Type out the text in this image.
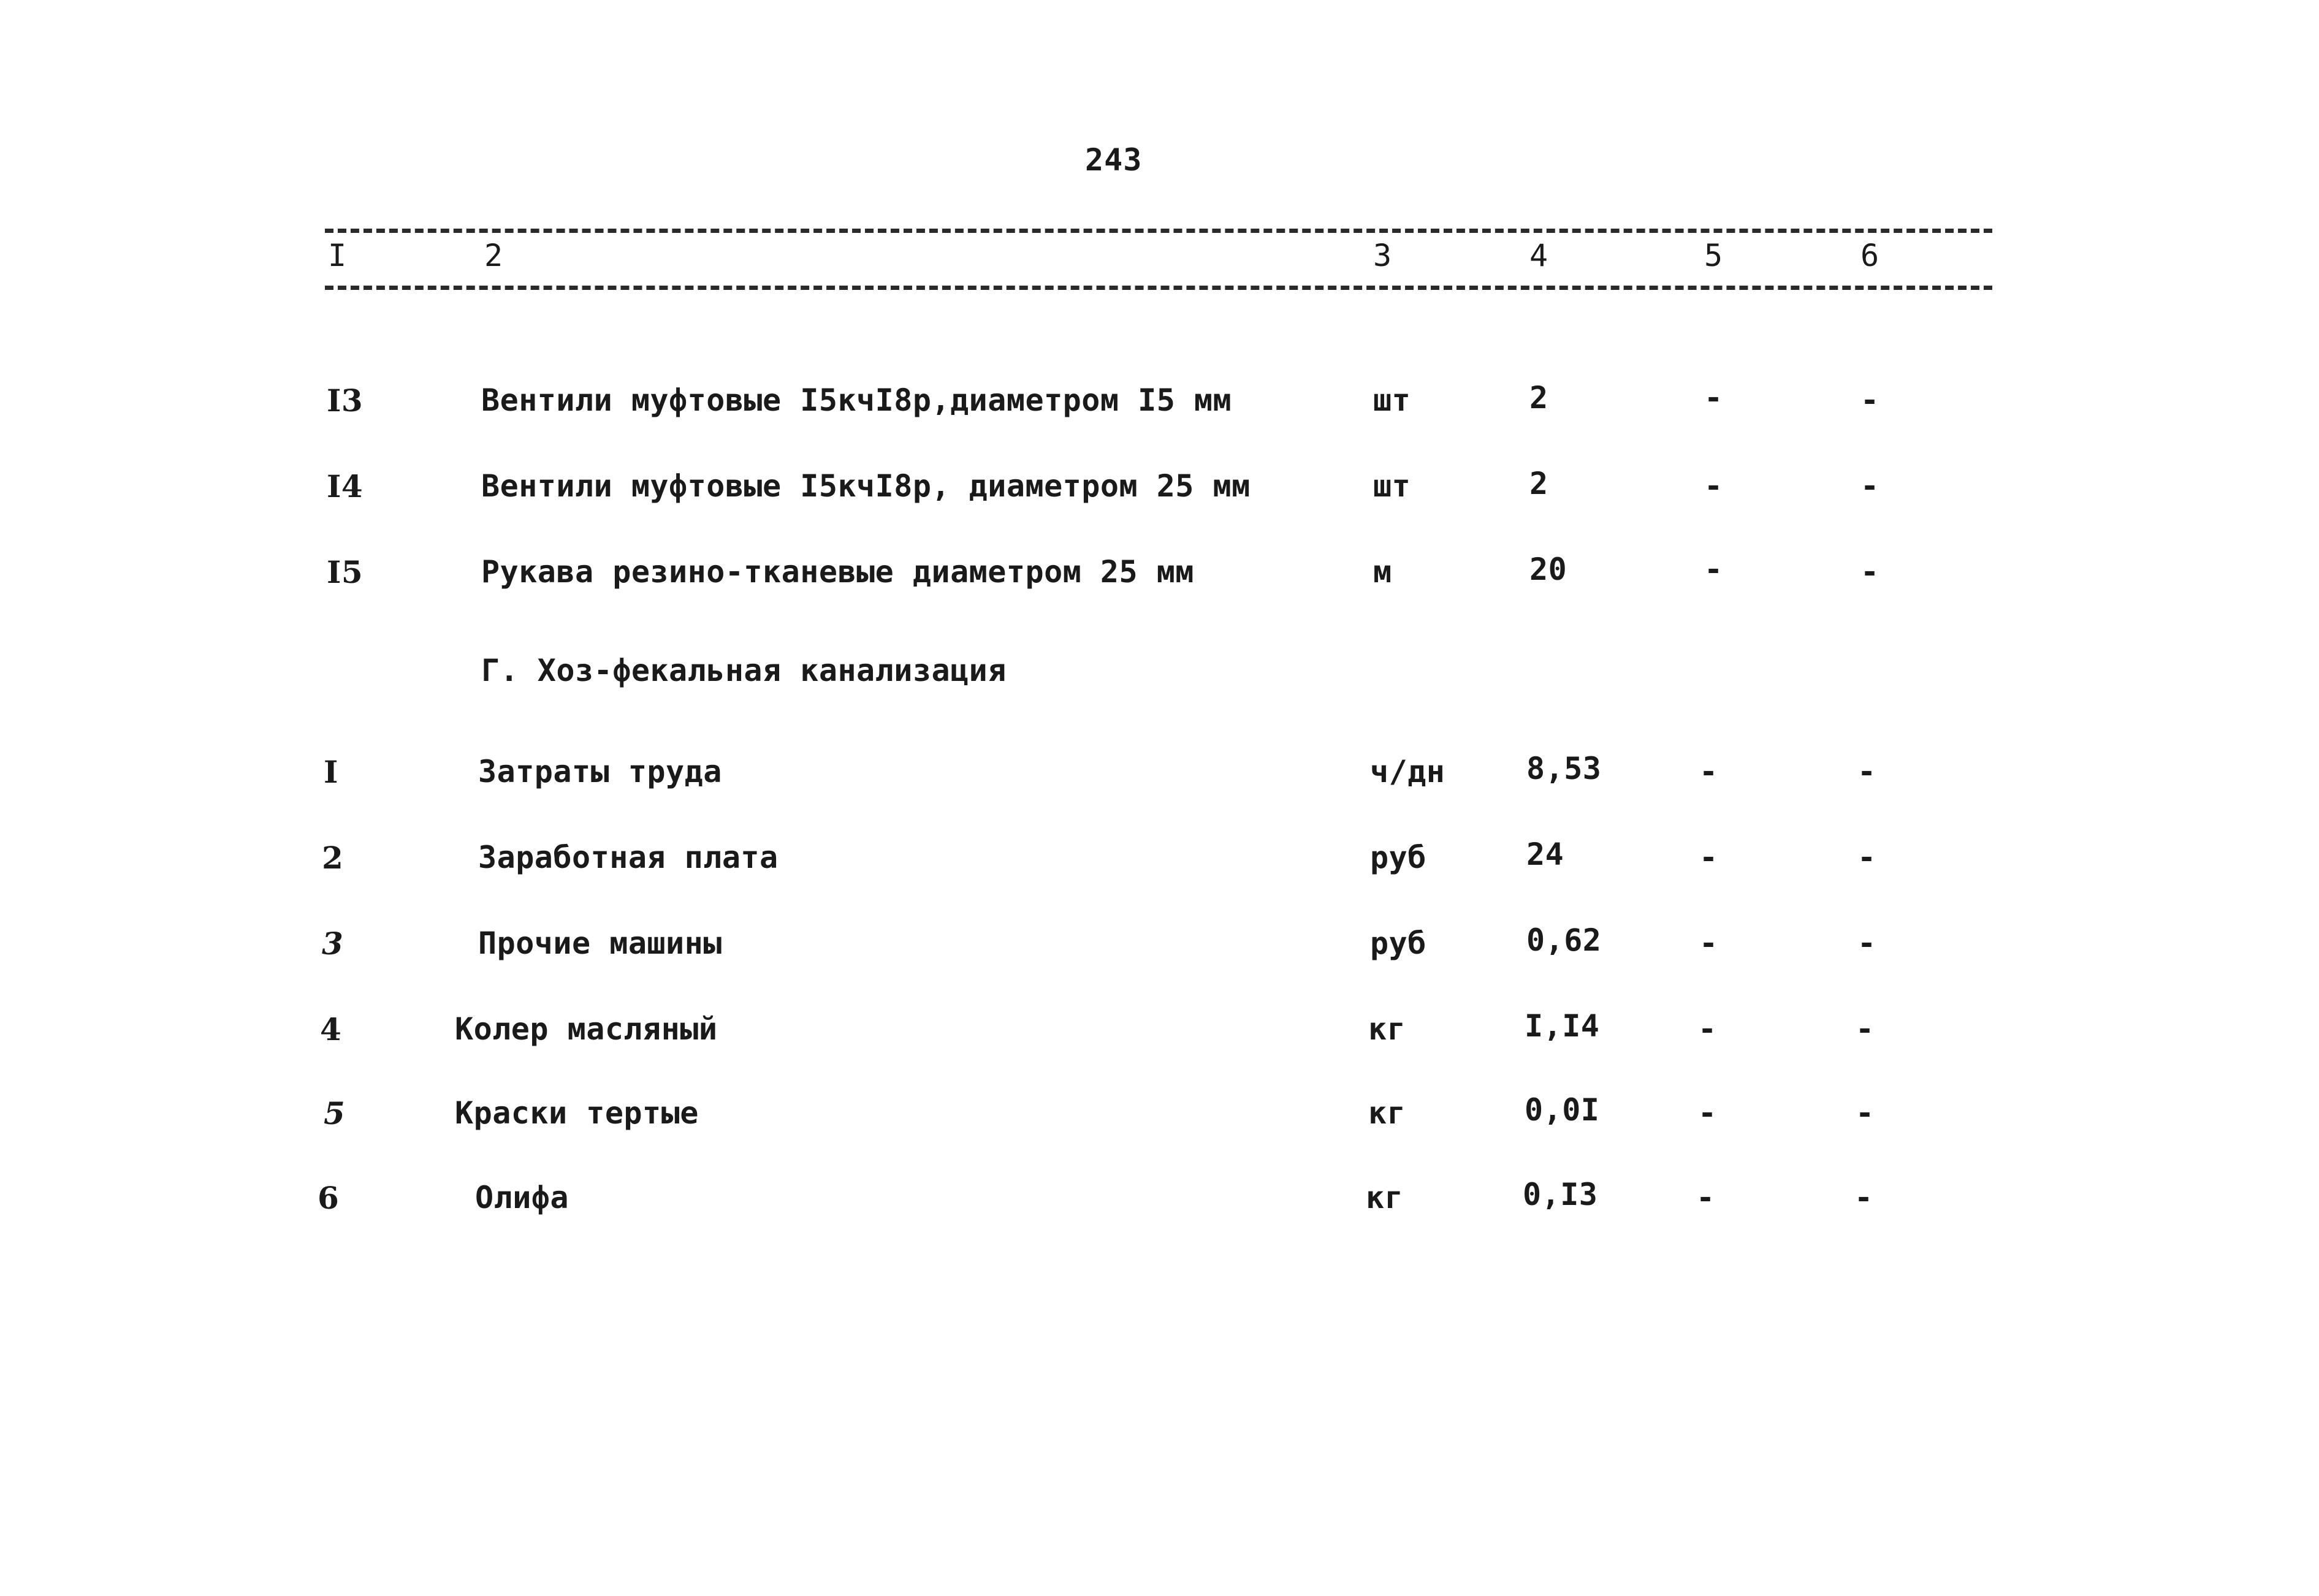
243
I	2	3	4	5	6
I3	Вентили муфтовые I5кчI8р,диаметром I5 мм	шт	2	-	-
I4	Вентили муфтовые I5кчI8р, диаметром 25 мм	шт	2	-	-
I5	Рукава резино-тканевые диаметром 25 мм	м	20	-	-
Г. Хоз-фекальная канализация
I	Затраты труда	ч/дн	8,53	-	-
2	Заработная плата	руб	24	-	-
3	Прочие машины	руб	0,62	-	-
4	Колер масляный	кг	I,I4	-	-
5	Краски тертые	кг	0,0I	-	-
6	Олифа	кг	0,I3	-	-
